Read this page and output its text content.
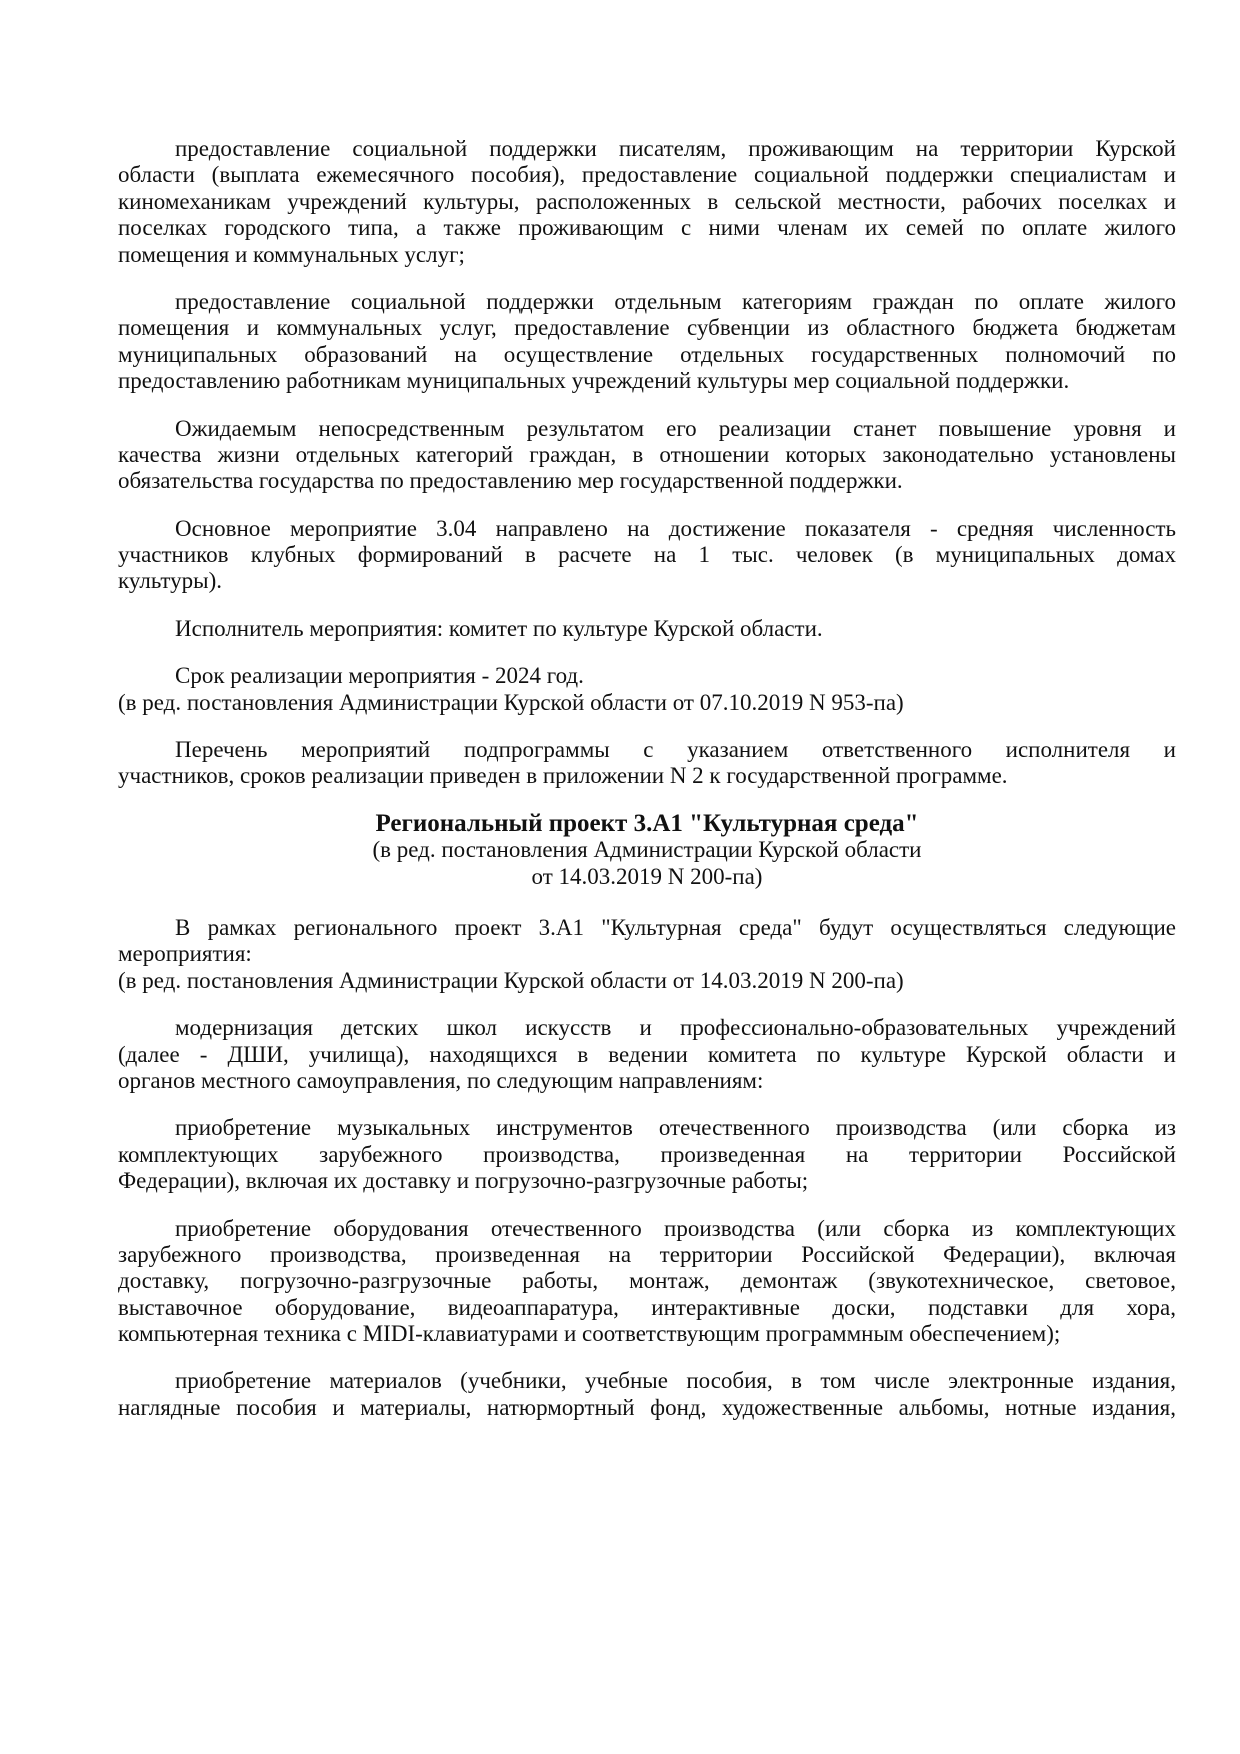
предоставление социальной поддержки писателям, проживающим на территории Курской
области (выплата ежемесячного пособия), предоставление социальной поддержки специалистам и
киномеханикам учреждений культуры, расположенных в сельской местности, рабочих поселках и
поселках городского типа, а также проживающим с ними членам их семей по оплате жилого
помещения и коммунальных услуг;
предоставление социальной поддержки отдельным категориям граждан по оплате жилого
помещения и коммунальных услуг, предоставление субвенции из областного бюджета бюджетам
муниципальных образований на осуществление отдельных государственных полномочий по
предоставлению работникам муниципальных учреждений культуры мер социальной поддержки.
Ожидаемым непосредственным результатом его реализации станет повышение уровня и
качества жизни отдельных категорий граждан, в отношении которых законодательно установлены
обязательства государства по предоставлению мер государственной поддержки.
Основное мероприятие 3.04 направлено на достижение показателя - средняя численность
участников клубных формирований в расчете на 1 тыс. человек (в муниципальных домах
культуры).
Исполнитель мероприятия: комитет по культуре Курской области.
Срок реализации мероприятия - 2024 год.
(в ред. постановления Администрации Курской области от 07.10.2019 N 953-па)
Перечень мероприятий подпрограммы с указанием ответственного исполнителя и
участников, сроков реализации приведен в приложении N 2 к государственной программе.
Региональный проект 3.А1 "Культурная среда"
(в ред. постановления Администрации Курской области
от 14.03.2019 N 200-па)
В рамках регионального проект 3.А1 "Культурная среда" будут осуществляться следующие
мероприятия:
(в ред. постановления Администрации Курской области от 14.03.2019 N 200-па)
модернизация детских школ искусств и профессионально-образовательных учреждений
(далее - ДШИ, училища), находящихся в ведении комитета по культуре Курской области и
органов местного самоуправления, по следующим направлениям:
приобретение музыкальных инструментов отечественного производства (или сборка из
комплектующих зарубежного производства, произведенная на территории Российской
Федерации), включая их доставку и погрузочно-разгрузочные работы;
приобретение оборудования отечественного производства (или сборка из комплектующих
зарубежного производства, произведенная на территории Российской Федерации), включая
доставку, погрузочно-разгрузочные работы, монтаж, демонтаж (звукотехническое, световое,
выставочное оборудование, видеоаппаратура, интерактивные доски, подставки для хора,
компьютерная техника с MIDI-клавиатурами и соответствующим программным обеспечением);
приобретение материалов (учебники, учебные пособия, в том числе электронные издания,
наглядные пособия и материалы, натюрмортный фонд, художественные альбомы, нотные издания,
